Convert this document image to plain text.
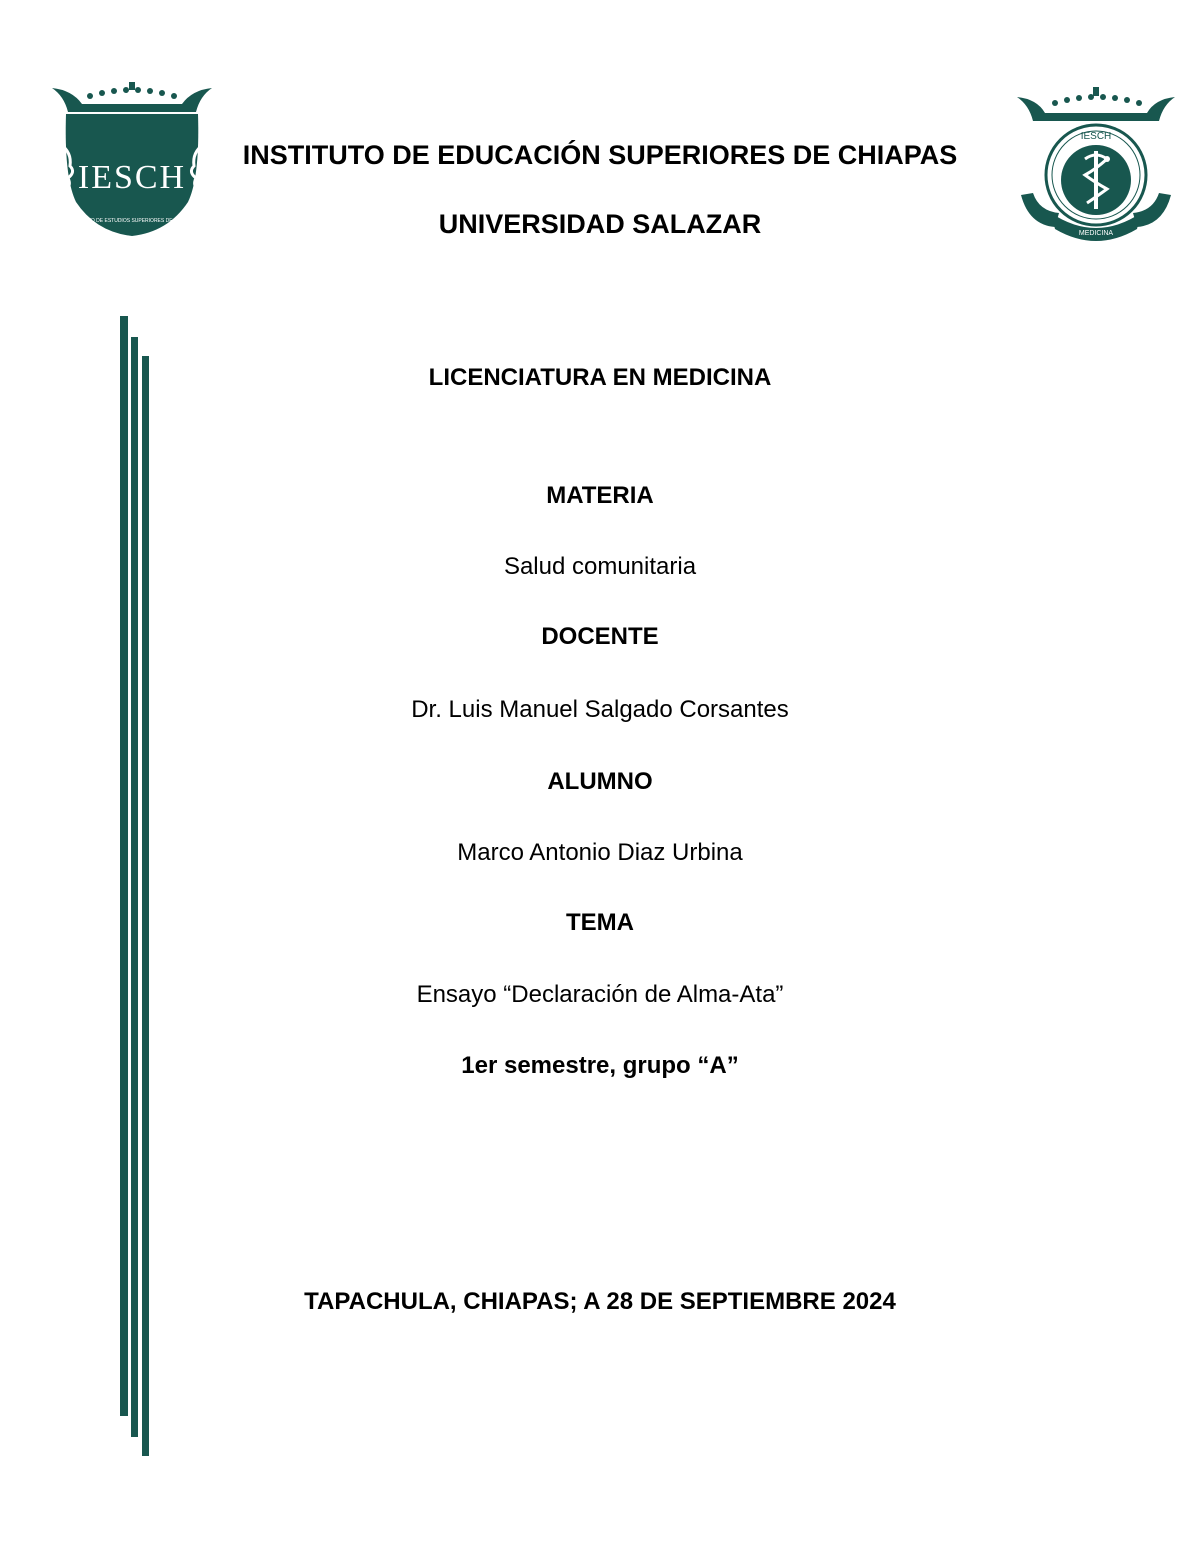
IESCH
INSTITUTO DE ESTUDIOS SUPERIORES DE CHIAPAS
MEDICINA
IESCH
INSTITUTO DE EDUCACIÓN SUPERIORES DE CHIAPAS
UNIVERSIDAD SALAZAR
LICENCIATURA EN MEDICINA
MATERIA
Salud comunitaria
DOCENTE
Dr. Luis Manuel Salgado Corsantes
ALUMNO
Marco Antonio Diaz Urbina
TEMA
Ensayo “Declaración de Alma-Ata”
1er semestre, grupo “A”
TAPACHULA, CHIAPAS; A 28 DE SEPTIEMBRE 2024
